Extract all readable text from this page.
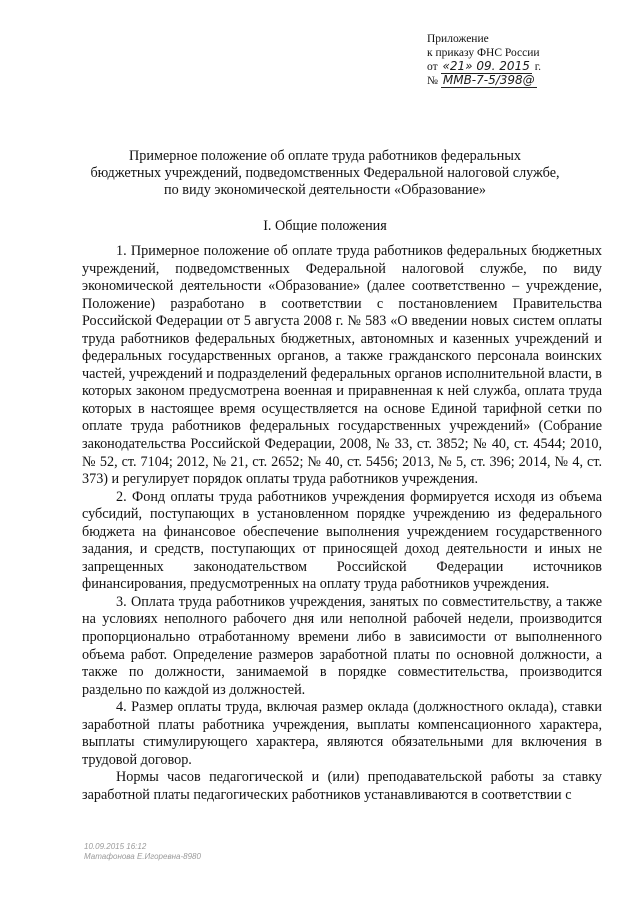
Приложение
к приказу ФНС России
от «21» 09. 2015 г.
№ ММВ-7-5/398@
Примерное положение об оплате труда работников федеральных
бюджетных учреждений, подведомственных Федеральной налоговой службе,
по виду экономической деятельности «Образование»
I. Общие положения

1. Примерное положение об оплате труда работников федеральных бюджетных учреждений, подведомственных Федеральной налоговой службе, по виду экономической деятельности «Образование» (далее соответственно – учреждение, Положение) разработано в соответствии с постановлением Правительства Российской Федерации от 5 августа 2008 г. № 583 «О введении новых систем оплаты труда работников федеральных бюджетных, автономных и казенных учреждений и федеральных государственных органов, а также гражданского персонала воинских частей, учреждений и подразделений федеральных органов исполнительной власти, в которых законом предусмотрена военная и приравненная к ней служба, оплата труда которых в настоящее время осуществляется на основе Единой тарифной сетки по оплате труда работников федеральных государственных учреждений» (Собрание законодательства Российской Федерации, 2008, № 33, ст. 3852; № 40, ст. 4544; 2010, № 52, ст. 7104; 2012, № 21, ст. 2652; № 40, ст. 5456; 2013, № 5, ст. 396; 2014, № 4, ст. 373) и регулирует порядок оплаты труда работников учреждения.

2. Фонд оплаты труда работников учреждения формируется исходя из объема субсидий, поступающих в установленном порядке учреждению из федерального бюджета на финансовое обеспечение выполнения учреждением государственного задания, и средств, поступающих от приносящей доход деятельности и иных не запрещенных законодательством Российской Федерации источников финансирования, предусмотренных на оплату труда работников учреждения.

3. Оплата труда работников учреждения, занятых по совместительству, а также на условиях неполного рабочего дня или неполной рабочей недели, производится пропорционально отработанному времени либо в зависимости от выполненного объема работ. Определение размеров заработной платы по основной должности, а также по должности, занимаемой в порядке совместительства, производится раздельно по каждой из должностей.

4. Размер оплаты труда, включая размер оклада (должностного оклада), ставки заработной платы работника учреждения, выплаты компенсационного характера, выплаты стимулирующего характера, являются обязательными для включения в трудовой договор.

Нормы часов педагогической и (или) преподавательской работы за ставку заработной платы педагогических работников устанавливаются в соответствии с

10.09.2015 16:12
Матафонова Е.Игоревна-8980
